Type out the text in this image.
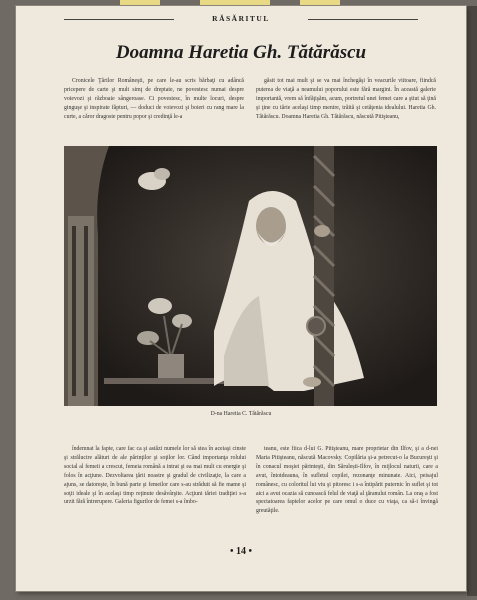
RĂSĂRITUL
Doamna Haretia Gh. Tătărăscu
Cronicele Ţărilor Româneşti, pe care le-au scris bărbaţi cu adâncă pricepere de carte şi mult simţ de dreptate, ne povestesc numai despre voievozi şi războaie sângeroase. Ci povestesc, în multe locuri, despre ginguşe şi inspirate făpturi, — doduci de voievozi şi boieri cu rang mare la curte, a căror dragoste pentru popor şi credinţă le-a
găsit tot mai mult şi se va mai închegăşi în veacurile viitoare, fiindcă puterea de viaţă a neamului poporului este fără margini. În această galerie importantă, vrem să înfăţişăm, acum, portretul unei femei care a ştiut să ţină şi ţine cu tărie acelaşi timp menire, trăită şi cetăţenia idealului. Haretia Gh. Tătărăscu. Doamna Haretia Gh. Tătărăscu, născută Pitişteanu,
D-na Haretia C. Tătărăscu
îndemnat la fapte, care fac ca şi astăzi numele lor să stea în aceiaşi cinste şi strălucire alături de ale părinţilor şi soţilor lor. Când importanţa rolului social al femeii a crescut, femeia română a intrat şi ea mai mult cu energie şi folos în acţiune. Dezvoltarea ţării noastre şi gradul de civilizaţie, la care a ajuns, se datoreşte, în bună parte şi femeilor care s-au străduit să fie mame şi soţii ideale şi în acelaşi timp reţinute desăvârşite. Acţiuni tăriei tradiţiei s-a urzit fără întrerupere. Galeria figurilor de femei s-a îmbo-
teanu, este fiica d-lui G. Pitişteanu, mare proprietar din Ilfov, şi a d-nei Maria Pitişteanu, născută Macovsky. Copilăria şi-a petrecut-o la Bucureşti şi în conacul moşiei părinteşti, din Sărulești-Ilfov, în mijlocul naturii, care a avut, întotdeauna, în sufletul copilei, rezonanţe minunate. Aici, peisajul românesc, cu coloritul lui viu şi pitoresc i s-a întipărit puternic în suflet şi tot aici a avut ocazia să cunoască felul de viaţă al ţăranului român. La oraş a fost spectatoarea faptelor acelor pe care omul o duce cu viaţa, ca să-i învingă greutăţile.
• 14 •
